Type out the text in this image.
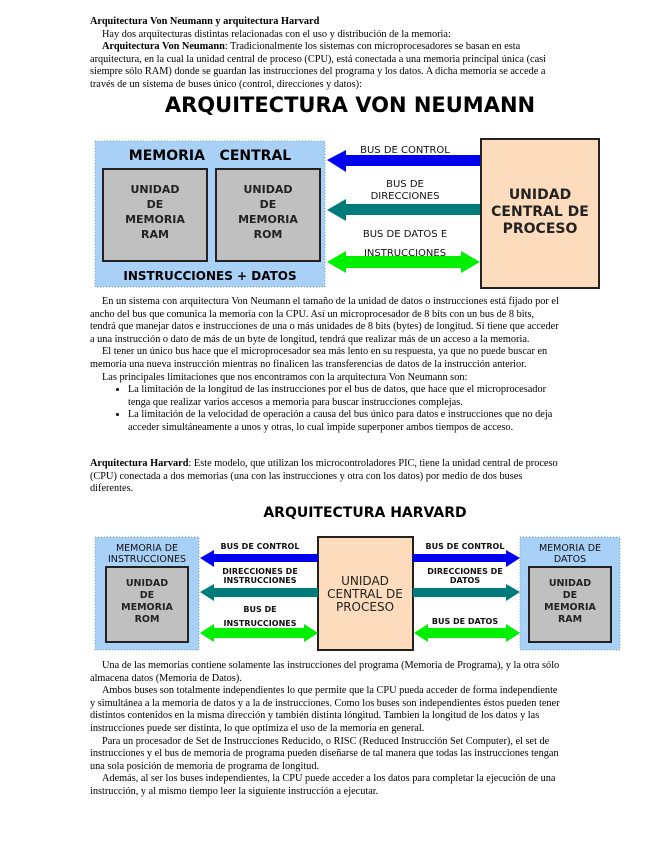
Arquitectura Von Neumann y arquitectura Harvard

Hay dos arquitecturas distintas relacionadas con el uso y distribución de la memoria:

Arquitectura Von Neumann: Tradicionalmente los sistemas con microprocesadores se basan en esta arquitectura, en la cual la unidad central de proceso (CPU), está conectada a una memoria principal única (casi siempre sólo RAM) donde se guardan las instrucciones del programa y los datos. A dicha memoria se accede a través de un sistema de buses único (control, direcciones y datos):

ARQUITECTURA VON NEUMANN
MEMORIA   CENTRAL
UNIDAD
DE
MEMORIA
RAM
UNIDAD
DE
MEMORIA
ROM
INSTRUCCIONES + DATOS
BUS DE CONTROL
BUS DE
DIRECCIONES
BUS DE DATOS E
INSTRUCCIONES
UNIDAD
CENTRAL DE
PROCESO
MEMORIA DE
INSTRUCCIONES
MEMORIA DE
DATOS
UNIDAD
DE
MEMORIA
ROM
UNIDAD
DE
MEMORIA
RAM
UNIDAD
CENTRAL DE
PROCESO
BUS DE CONTROL
DIRECCIONES DE
INSTRUCCIONES
BUS DE
INSTRUCCIONES
BUS DE CONTROL
DIRECCIONES DE
DATOS
BUS DE DATOS

En un sistema con arquitectura Von Neumann el tamaño de la unidad de datos o instrucciones está fijado por el ancho del bus que comunica la memoria con la CPU. Así un microprocesador de 8 bits con un bus de 8 bits, tendrá que manejar datos e instrucciones de una o más unidades de 8 bits (bytes) de longitud. Si tiene que acceder a una instrucción o dato de más de un byte de longitud, tendrá que realizar más de un acceso a la memoria.

El tener un único bus hace que el microprocesador sea más lento en su respuesta, ya que no puede buscar en memoria una nueva instrucción mientras no finalicen las transferencias de datos de la instrucción anterior.

Las principales limitaciones que nos encontramos con la arquitectura Von Neumann son:

• La limitación de la longitud de las instrucciones por el bus de datos, que hace que el microprocesador tenga que realizar varios accesos a memoria para buscar instrucciones complejas.
• La limitación de la velocidad de operación a causa del bus único para datos e instrucciones que no deja acceder simultáneamente a unos y otras, lo cual impide superponer ambos tiempos de acceso.

Arquitectura Harvard: Este modelo, que utilizan los microcontroladores PIC, tiene la unidad central de proceso (CPU) conectada a dos memorias (una con las instrucciones y otra con los datos) por medio de dos buses diferentes.

ARQUITECTURA HARVARD

Una de las memorias contiene solamente las instrucciones del programa (Memoria de Programa), y la otra sólo almacena datos (Memoria de Datos).

Ambos buses son totalmente independientes lo que permite que la CPU pueda acceder de forma independiente y simultánea a la memoria de datos y a la de instrucciones. Como los buses son independientes éstos pueden tener distintos contenidos en la misma dirección y también distinta lóngitud. Tambien la longitud de los datos y las instrucciones puede ser distinta, lo que optimiza el uso de la memoria en general.

Para un procesador de Set de Instrucciones Reducido, o RISC (Reduced Instrucción Set Computer), el set de instrucciones y el bus de memoria de programa pueden diseñarse de tal manera que todas las instrucciones tengan una sola posición de memoria de programa de longitud.

Además, al ser los buses independientes, la CPU puede acceder a los datos para completar la ejecución de una instrucción, y al mismo tiempo leer la siguiente instrucción a ejecutar.
